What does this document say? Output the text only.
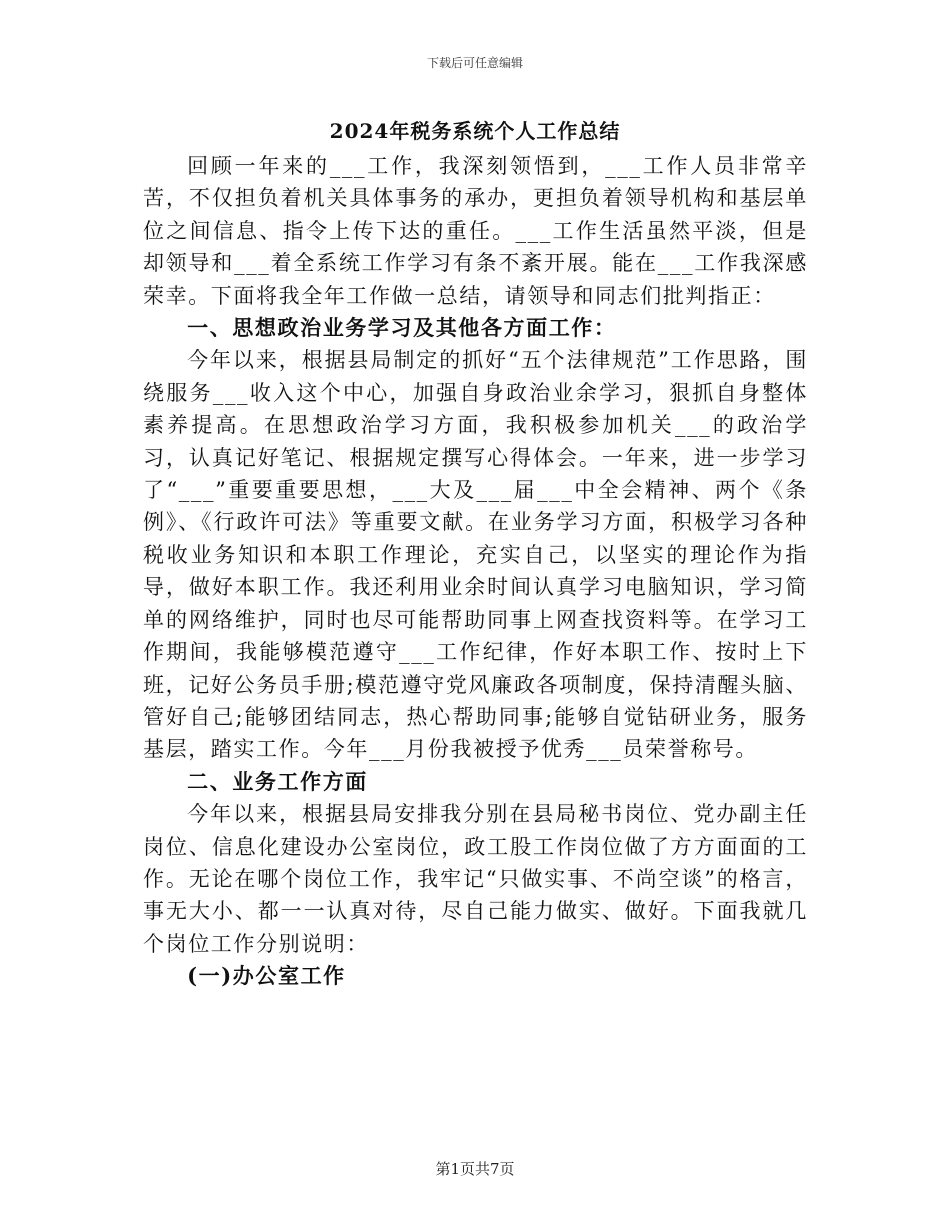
下载后可任意编辑
2024年税务系统个人工作总结

回顾一年来的___工作，我深刻领悟到，___工作人员非常辛苦，不仅担负着机关具体事务的承办，更担负着领导机构和基层单位之间信息、指令上传下达的重任。___工作生活虽然平淡，但是却领导和___着全系统工作学习有条不紊开展。能在___工作我深感荣幸。下面将我全年工作做一总结，请领导和同志们批判指正：

一、思想政治业务学习及其他各方面工作：

今年以来，根据县局制定的抓好“五个法律规范”工作思路，围绕服务___收入这个中心，加强自身政治业余学习，狠抓自身整体素养提高。在思想政治学习方面，我积极参加机关___的政治学习，认真记好笔记、根据规定撰写心得体会。一年来，进一步学习了“___”重要重要思想，___大及___届___中全会精神、两个《条例》、《行政许可法》等重要文献。在业务学习方面，积极学习各种税收业务知识和本职工作理论，充实自己，以坚实的理论作为指导，做好本职工作。我还利用业余时间认真学习电脑知识，学习简单的网络维护，同时也尽可能帮助同事上网查找资料等。在学习工作期间，我能够模范遵守___工作纪律，作好本职工作、按时上下班，记好公务员手册;模范遵守党风廉政各项制度，保持清醒头脑、管好自己;能够团结同志，热心帮助同事;能够自觉钻研业务，服务基层，踏实工作。今年___月份我被授予优秀___员荣誉称号。

二、业务工作方面

今年以来，根据县局安排我分别在县局秘书岗位、党办副主任岗位、信息化建设办公室岗位，政工股工作岗位做了方方面面的工作。无论在哪个岗位工作，我牢记“只做实事、不尚空谈”的格言，事无大小、都一一认真对待，尽自己能力做实、做好。下面我就几个岗位工作分别说明：

(一)办公室工作

第1页共7页
